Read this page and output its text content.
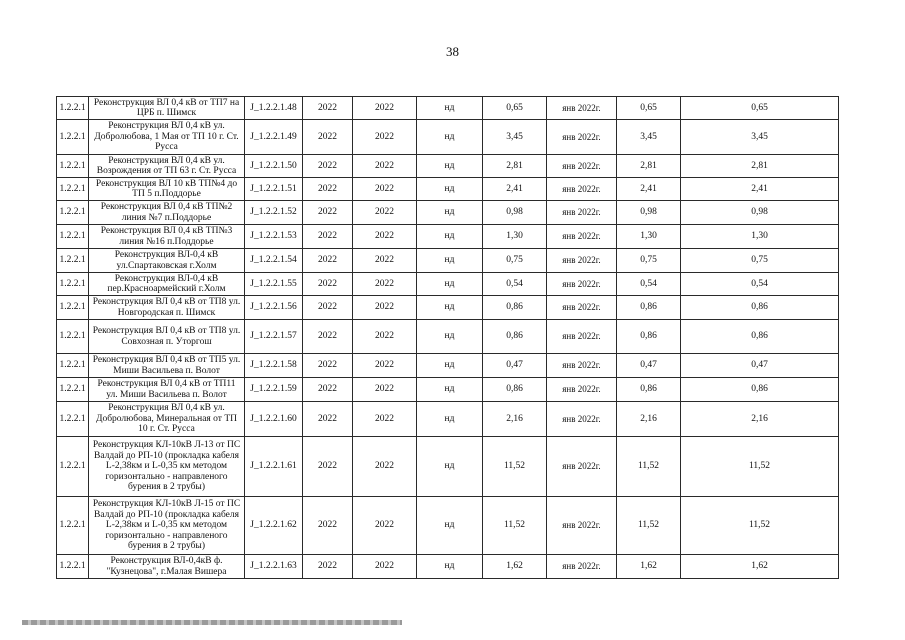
38
1.2.2.1	Реконструкция ВЛ 0,4 кВ от ТП7 на ЦРБ п. Шимск	J_1.2.2.1.48	2022	2022	нд	0,65	янв 2022г.	0,65	0,65
1.2.2.1	Реконструкция ВЛ 0,4 кВ ул. Добролюбова, 1 Мая от ТП 10 г. Ст. Русса	J_1.2.2.1.49	2022	2022	нд	3,45	янв 2022г.	3,45	3,45
1.2.2.1	Реконструкция ВЛ 0,4 кВ ул. Возрождения от ТП 63 г. Ст. Русса	J_1.2.2.1.50	2022	2022	нд	2,81	янв 2022г.	2,81	2,81
1.2.2.1	Реконструкция ВЛ 10 кВ ТП№4 до ТП 5 п.Поддорье	J_1.2.2.1.51	2022	2022	нд	2,41	янв 2022г.	2,41	2,41
1.2.2.1	Реконструкция ВЛ 0,4 кВ ТП№2 линия №7 п.Поддорье	J_1.2.2.1.52	2022	2022	нд	0,98	янв 2022г.	0,98	0,98
1.2.2.1	Реконструкция ВЛ 0,4 кВ ТП№3 линия №16 п.Поддорье	J_1.2.2.1.53	2022	2022	нд	1,30	янв 2022г.	1,30	1,30
1.2.2.1	Реконструкция ВЛ-0,4 кВ ул.Спартаковская г.Холм	J_1.2.2.1.54	2022	2022	нд	0,75	янв 2022г.	0,75	0,75
1.2.2.1	Реконструкция ВЛ-0,4 кВ пер.Красноармейский г.Холм	J_1.2.2.1.55	2022	2022	нд	0,54	янв 2022г.	0,54	0,54
1.2.2.1	Реконструкция ВЛ 0,4 кВ от ТП8 ул. Новгородская п. Шимск	J_1.2.2.1.56	2022	2022	нд	0,86	янв 2022г.	0,86	0,86
1.2.2.1	Реконструкция ВЛ 0,4 кВ от ТП8 ул. Совхозная п. Уторгош	J_1.2.2.1.57	2022	2022	нд	0,86	янв 2022г.	0,86	0,86
1.2.2.1	Реконструкция ВЛ 0,4 кВ от ТП5 ул. Миши Васильева п. Волот	J_1.2.2.1.58	2022	2022	нд	0,47	янв 2022г.	0,47	0,47
1.2.2.1	Реконструкция ВЛ 0,4 кВ от ТП11 ул. Миши Васильева п. Волот	J_1.2.2.1.59	2022	2022	нд	0,86	янв 2022г.	0,86	0,86
1.2.2.1	Реконструкция ВЛ 0,4 кВ ул. Добролюбова, Минеральная от ТП 10 г. Ст. Русса	J_1.2.2.1.60	2022	2022	нд	2,16	янв 2022г.	2,16	2,16
1.2.2.1	Реконструкция КЛ-10кВ Л-13 от ПС Валдай до РП-10 (прокладка кабеля L-2,38км и L-0,35 км методом горизонтально - направленого бурения в 2 трубы)	J_1.2.2.1.61	2022	2022	нд	11,52	янв 2022г.	11,52	11,52
1.2.2.1	Реконструкция КЛ-10кВ Л-15 от ПС Валдай до РП-10 (прокладка кабеля L-2,38км и L-0,35 км методом горизонтально - направленого бурения в 2 трубы)	J_1.2.2.1.62	2022	2022	нд	11,52	янв 2022г.	11,52	11,52
1.2.2.1	Реконструкция ВЛ-0,4кВ ф. "Кузнецова", г.Малая Вишера	J_1.2.2.1.63	2022	2022	нд	1,62	янв 2022г.	1,62	1,62
